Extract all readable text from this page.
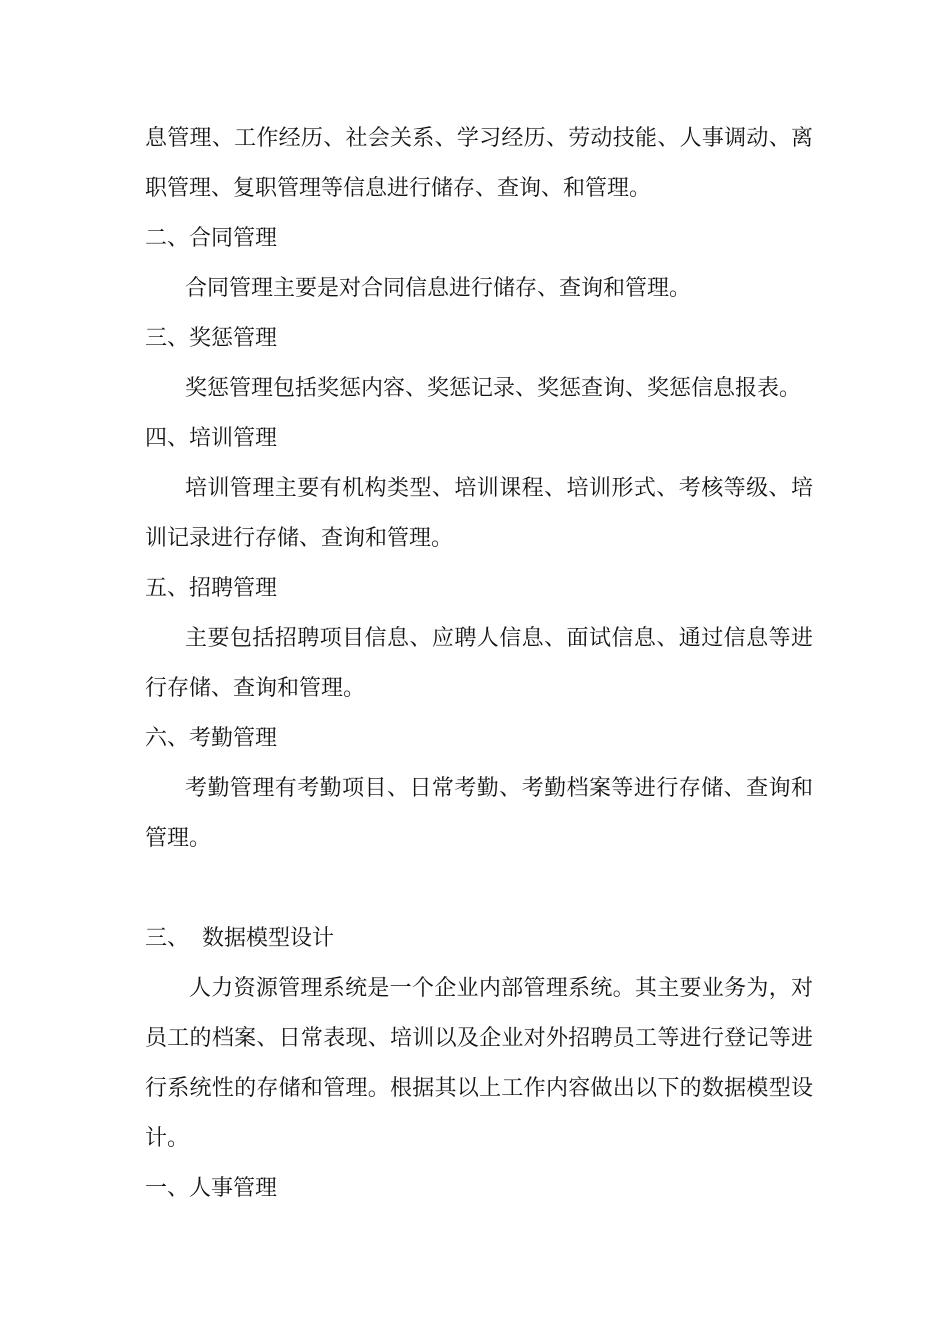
息管理、工作经历、社会关系、学习经历、劳动技能、人事调动、离
职管理、复职管理等信息进行储存、查询、和管理。
二、合同管理
合同管理主要是对合同信息进行储存、查询和管理。
三、奖惩管理
奖惩管理包括奖惩内容、奖惩记录、奖惩查询、奖惩信息报表。
四、培训管理
培训管理主要有机构类型、培训课程、培训形式、考核等级、培
训记录进行存储、查询和管理。
五、招聘管理
主要包括招聘项目信息、应聘人信息、面试信息、通过信息等进
行存储、查询和管理。
六、考勤管理
考勤管理有考勤项目、日常考勤、考勤档案等进行存储、查询和
管理。
三、 数据模型设计
人力资源管理系统是一个企业内部管理系统。其主要业务为，对
员工的档案、日常表现、培训以及企业对外招聘员工等进行登记等进
行系统性的存储和管理。根据其以上工作内容做出以下的数据模型设
计。
一、人事管理
